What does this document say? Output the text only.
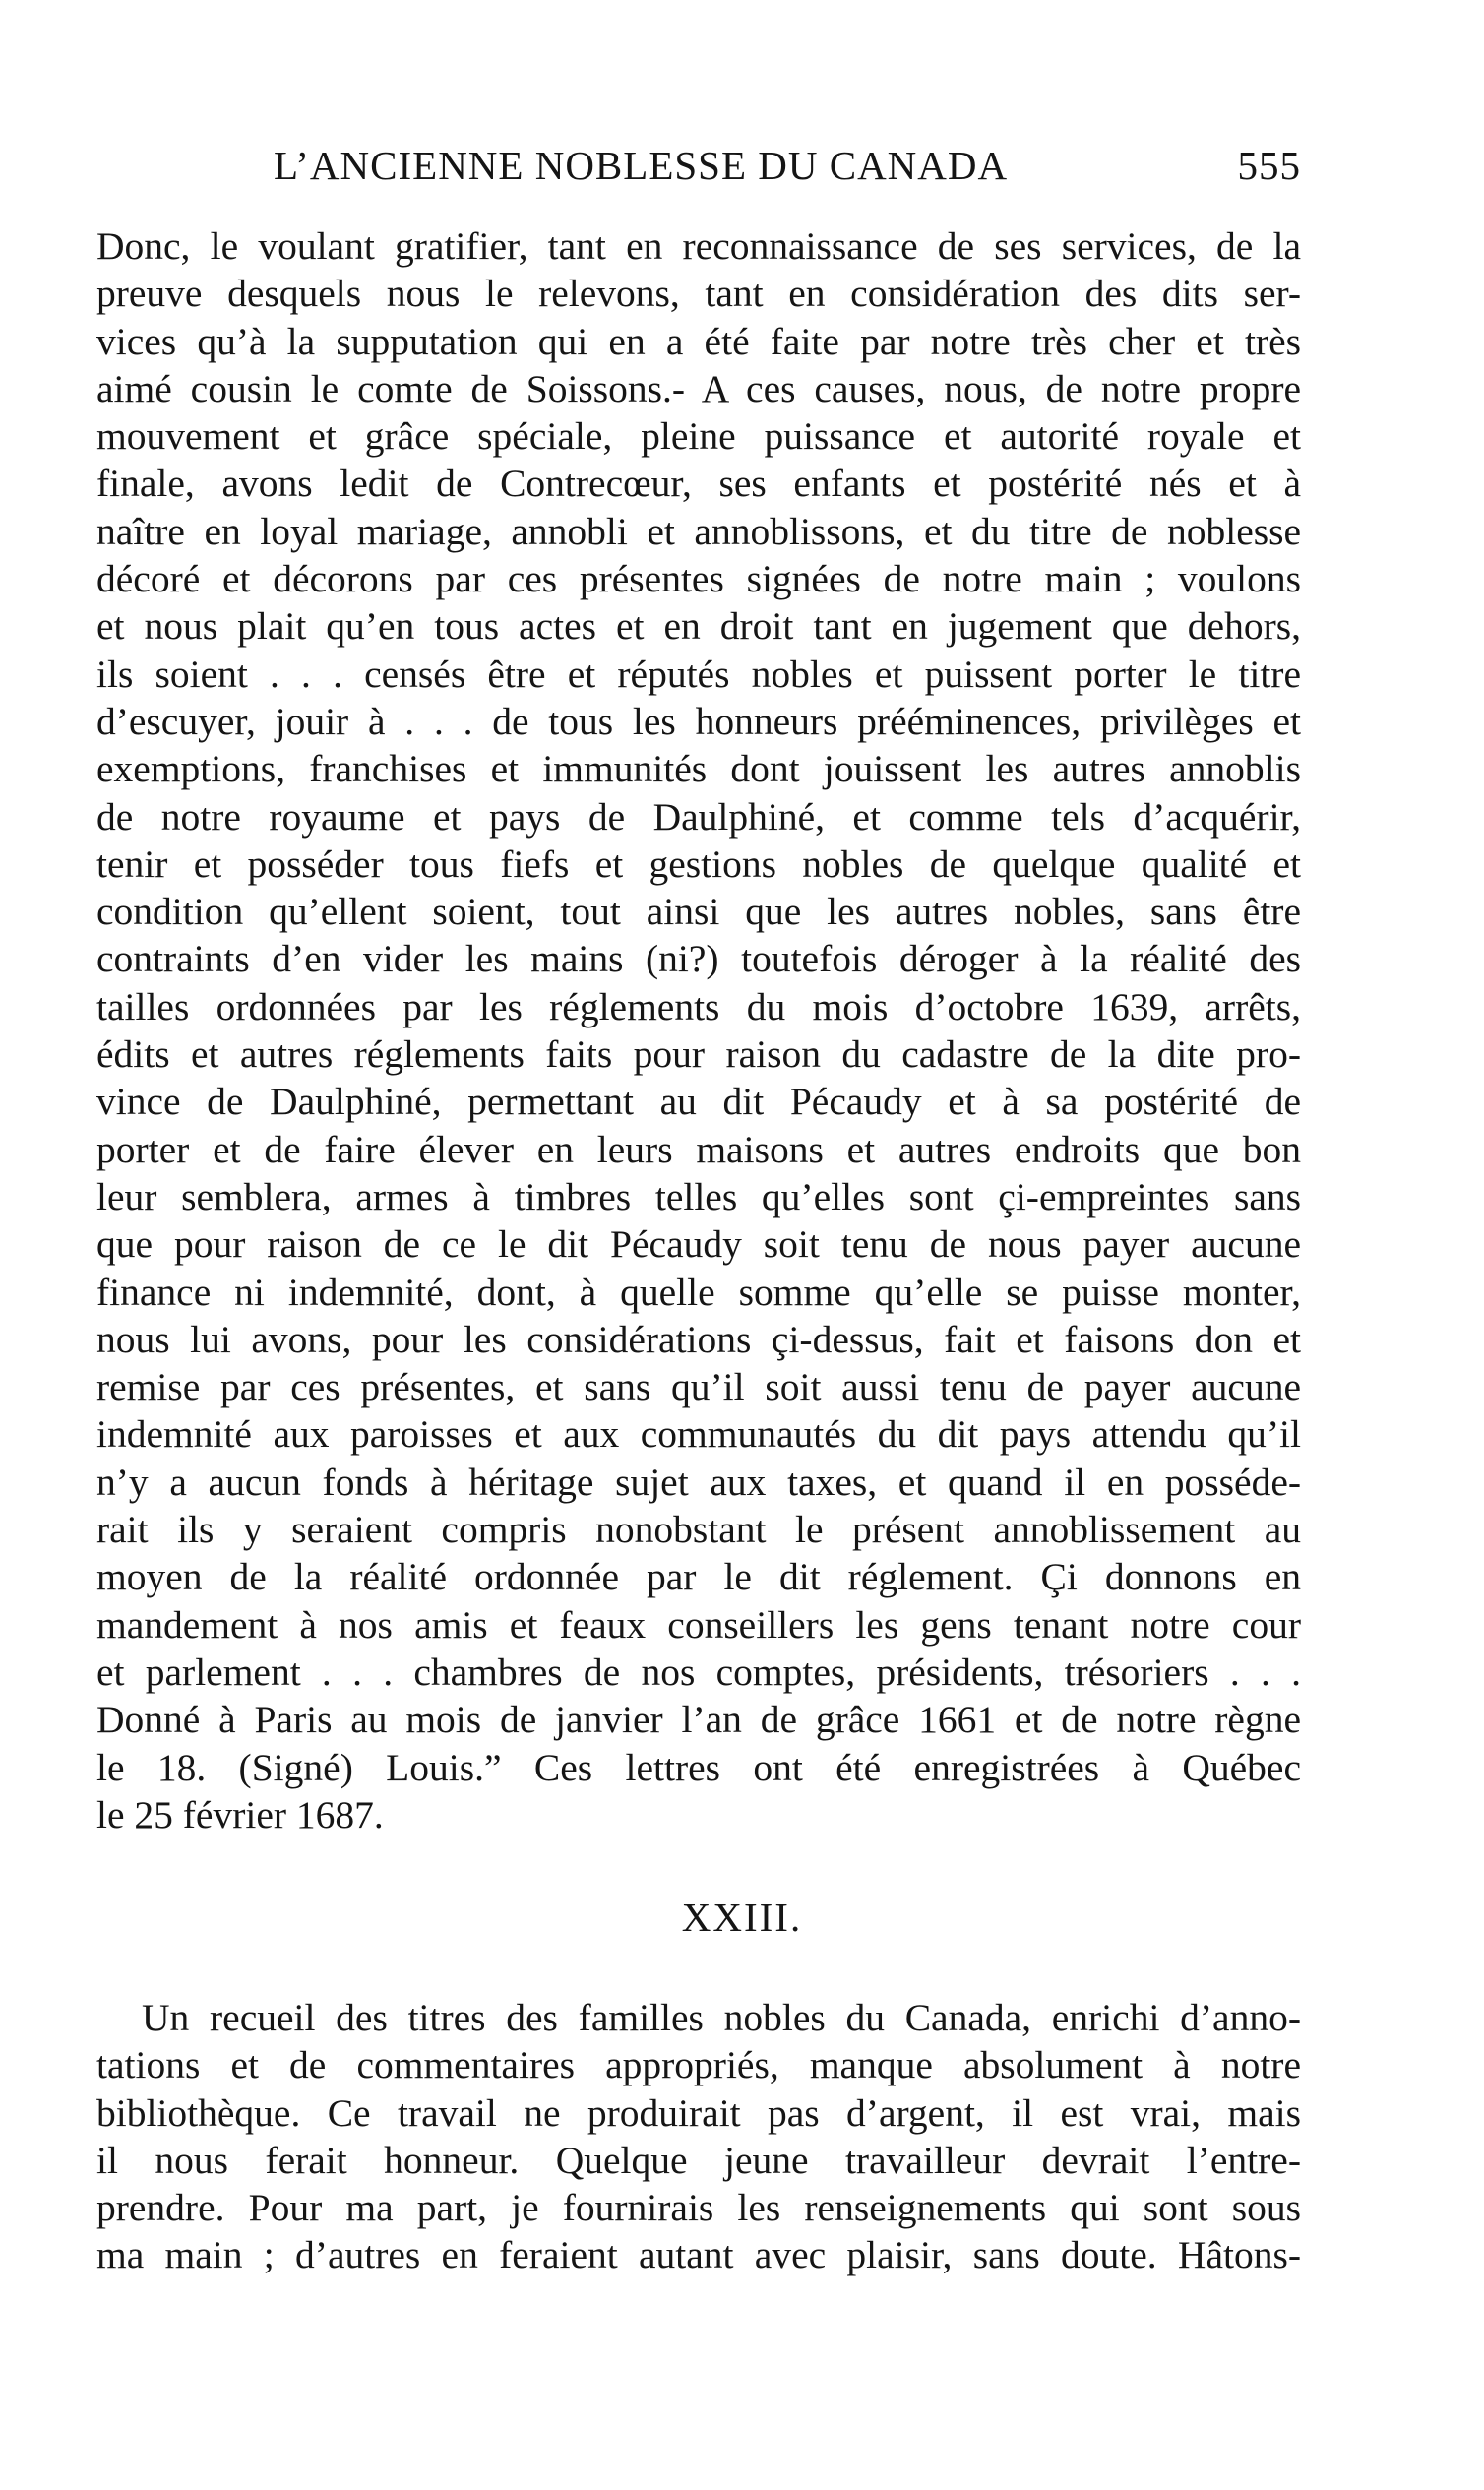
L’ANCIENNE NOBLESSE DU CANADA	555
Donc, le voulant gratifier, tant en reconnaissance de ses services, de la
preuve desquels nous le relevons, tant en considération des dits ser-
vices qu’à la supputation qui en a été faite par notre très cher et très
aimé cousin le comte de Soissons.- A ces causes, nous, de notre propre
mouvement et grâce spéciale, pleine puissance et autorité royale et
finale, avons ledit de Contrecœur, ses enfants et postérité nés et à
naître en loyal mariage, annobli et annoblissons, et du titre de noblesse
décoré et décorons par ces présentes signées de notre main ; voulons
et nous plait qu’en tous actes et en droit tant en jugement que dehors,
ils soient . . . censés être et réputés nobles et puissent porter le titre
d’escuyer, jouir à . . . de tous les honneurs prééminences, privilèges et
exemptions, franchises et immunités dont jouissent les autres annoblis
de notre royaume et pays de Daulphiné, et comme tels d’acquérir,
tenir et posséder tous fiefs et gestions nobles de quelque qualité et
condition qu’ellent soient, tout ainsi que les autres nobles, sans être
contraints d’en vider les mains (ni?) toutefois déroger à la réalité des
tailles ordonnées par les réglements du mois d’octobre 1639, arrêts,
édits et autres réglements faits pour raison du cadastre de la dite pro-
vince de Daulphiné, permettant au dit Pécaudy et à sa postérité de
porter et de faire élever en leurs maisons et autres endroits que bon
leur semblera, armes à timbres telles qu’elles sont çi-empreintes sans
que pour raison de ce le dit Pécaudy soit tenu de nous payer aucune
finance ni indemnité, dont, à quelle somme qu’elle se puisse monter,
nous lui avons, pour les considérations çi-dessus, fait et faisons don et
remise par ces présentes, et sans qu’il soit aussi tenu de payer aucune
indemnité aux paroisses et aux communautés du dit pays attendu qu’il
n’y a aucun fonds à héritage sujet aux taxes, et quand il en possédе-
rait ils y seraient compris nonobstant le présent annoblissement au
moyen de la réalité ordonnée par le dit réglement. Çi donnons en
mandement à nos amis et feaux conseillers les gens tenant notre cour
et parlement . . . chambres de nos comptes, présidents, trésoriers . . .
Donné à Paris au mois de janvier l’an de grâce 1661 et de notre règne
le 18. (Signé) Louis.” Ces lettres ont été enregistrées à Québec
le 25 février 1687.
XXIII.
Un recueil des titres des familles nobles du Canada, enrichi d’anno-
tations et de commentaires appropriés, manque absolument à notre
bibliothèque. Ce travail ne produirait pas d’argent, il est vrai, mais
il nous ferait honneur. Quelque jeune travailleur devrait l’entre-
prendre. Pour ma part, je fournirais les renseignements qui sont sous
ma main ; d’autres en feraient autant avec plaisir, sans doute. Hâtons-
